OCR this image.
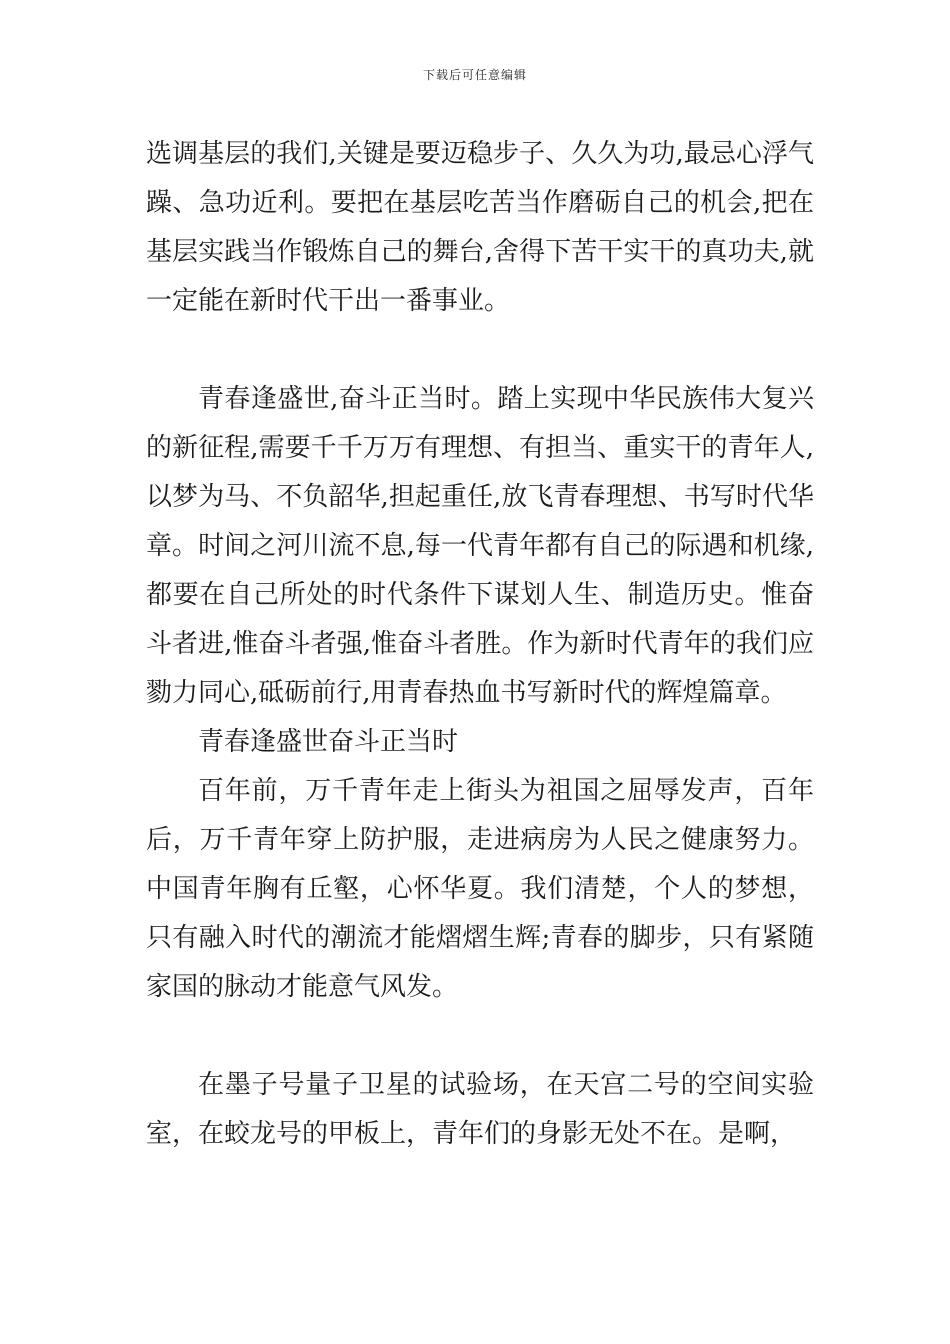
下载后可任意编辑

选调基层的我们,关键是要迈稳步子、久久为功,最忌心浮气躁、急功近利。要把在基层吃苦当作磨砺自己的机会,把在基层实践当作锻炼自己的舞台,舍得下苦干实干的真功夫,就一定能在新时代干出一番事业。

青春逢盛世,奋斗正当时。踏上实现中华民族伟大复兴的新征程,需要千千万万有理想、有担当、重实干的青年人,以梦为马、不负韶华,担起重任,放飞青春理想、书写时代华章。时间之河川流不息,每一代青年都有自己的际遇和机缘,都要在自己所处的时代条件下谋划人生、制造历史。惟奋斗者进,惟奋斗者强,惟奋斗者胜。作为新时代青年的我们应勠力同心,砥砺前行,用青春热血书写新时代的辉煌篇章。

青春逢盛世奋斗正当时

百年前，万千青年走上街头为祖国之屈辱发声，百年后，万千青年穿上防护服，走进病房为人民之健康努力。中国青年胸有丘壑，心怀华夏。我们清楚，个人的梦想，只有融入时代的潮流才能熠熠生辉;青春的脚步，只有紧随家国的脉动才能意气风发。

在墨子号量子卫星的试验场，在天宫二号的空间实验室，在蛟龙号的甲板上，青年们的身影无处不在。是啊，
